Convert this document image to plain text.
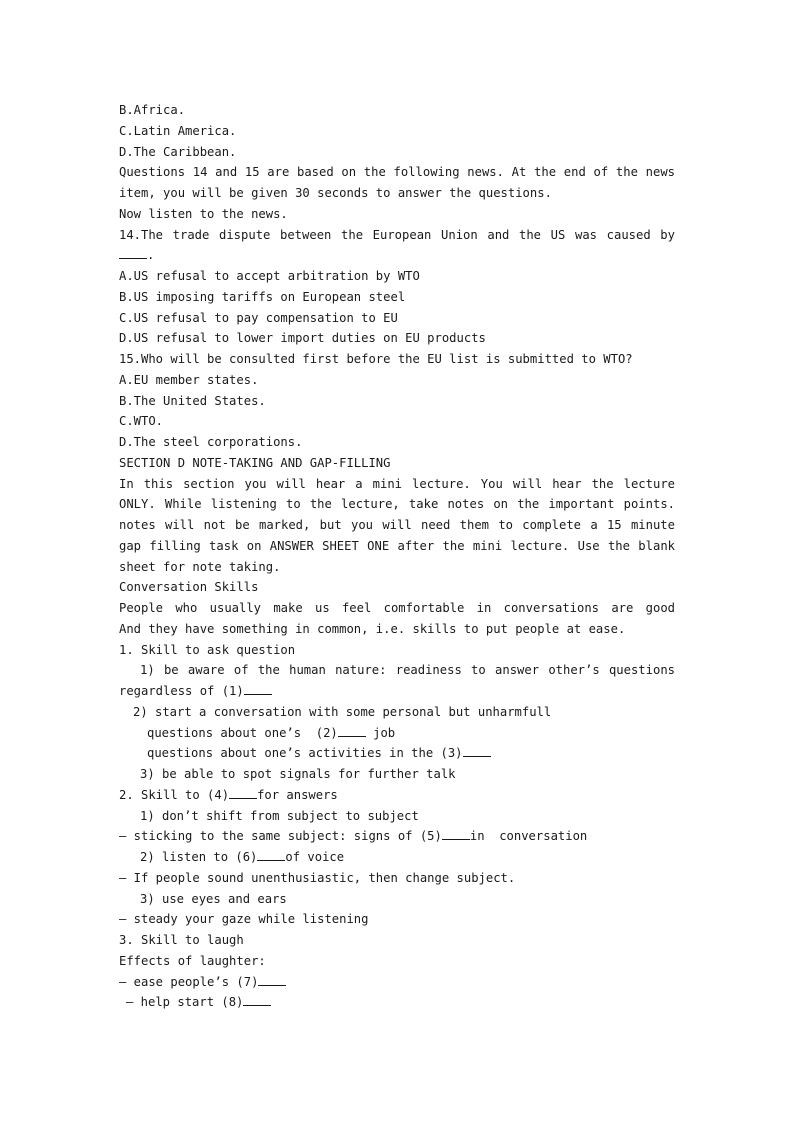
B.Africa.
C.Latin America.
D.The Caribbean.
Questions 14 and 15 are based on the following news. At the end of the news
item, you will be given 30 seconds to answer the questions.
Now listen to the news.
14.The trade dispute between the European Union and the US was caused by
.
A.US refusal to accept arbitration by WTO
B.US imposing tariffs on European steel
C.US refusal to pay compensation to EU
D.US refusal to lower import duties on EU products
15.Who will be consulted first before the EU list is submitted to WTO?
A.EU member states.
B.The United States.
C.WTO.
D.The steel corporations.
SECTION D NOTE-TAKING AND GAP-FILLING
In this section you will hear a mini lecture. You will hear the lecture
ONLY. While listening to the lecture, take notes on the important points.
notes will not be marked, but you will need them to complete a 15 minute
gap filling task on ANSWER SHEET ONE after the mini lecture. Use the blank
sheet for note taking.
Conversation Skills
People who usually make us feel comfortable in conversations are good
And they have something in common, i.e. skills to put people at ease.
1. Skill to ask question
1) be aware of the human nature: readiness to answer other’s questions
regardless of (1)
2) start a conversation with some personal but unharmfull
questions about one’s  (2) job
questions about one’s activities in the (3)
3) be able to spot signals for further talk
2. Skill to (4) for answers
1) don’t shift from subject to subject
— sticking to the same subject: signs of (5) in  conversation
2) listen to (6) of voice
— If people sound unenthusiastic, then change subject.
3) use eyes and ears
— steady your gaze while listening
3. Skill to laugh
Effects of laughter:
— ease people’s (7)
— help start (8)
